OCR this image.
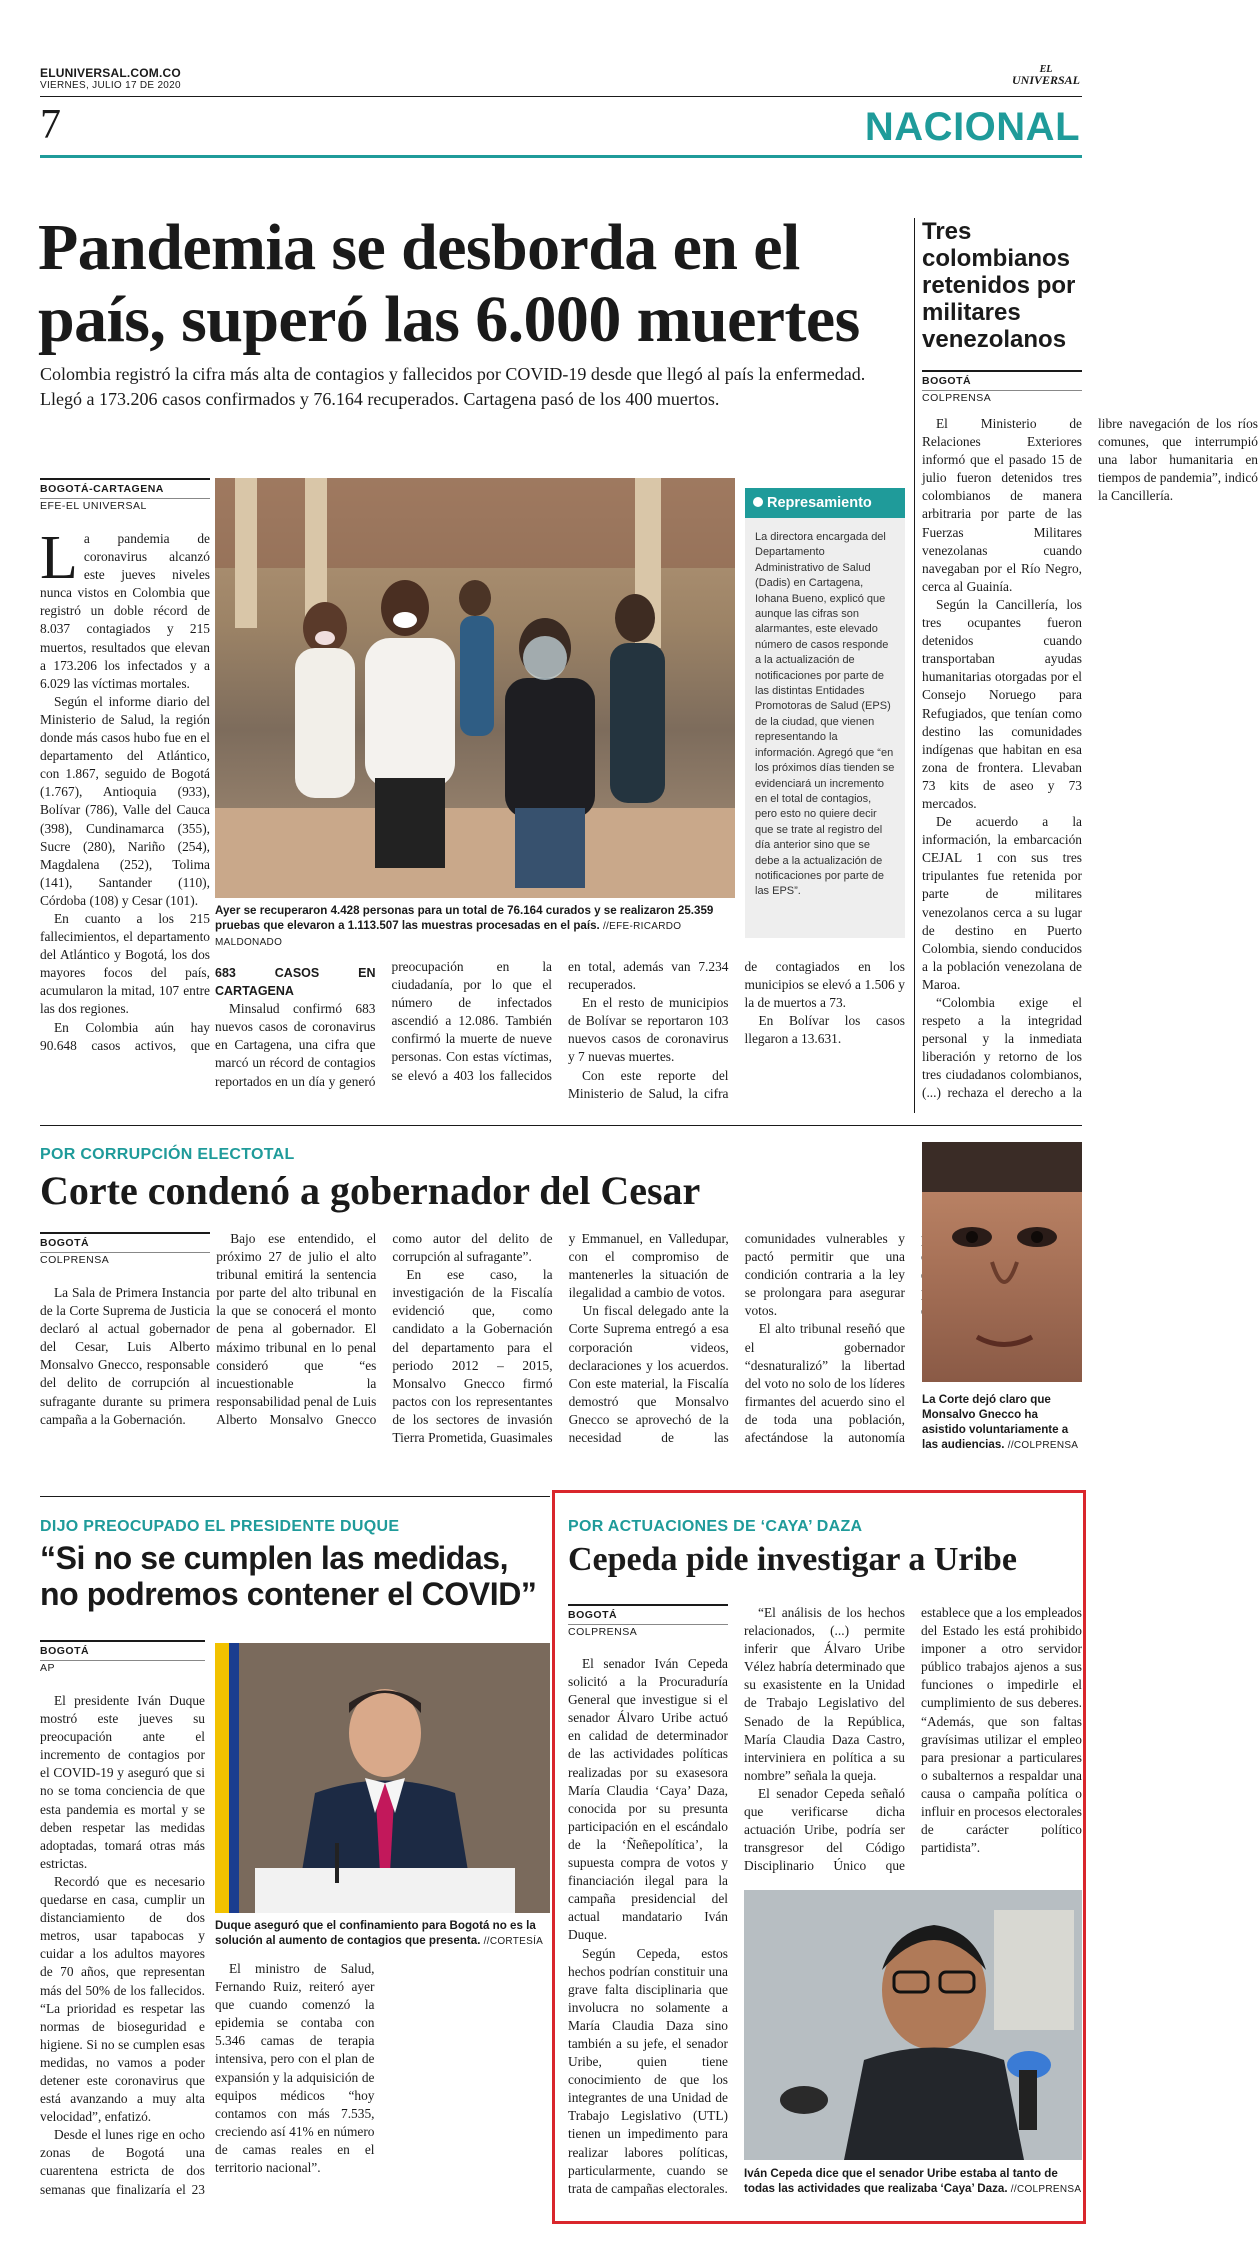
ELUNIVERSAL.COM.CO
VIERNES, JULIO 17 DE 2020
EL
UNIVERSAL
7	NACIONAL
Pandemia se desborda en el país, superó las 6.000 muertes

Colombia registró la cifra más alta de contagios y fallecidos por COVID-19 desde que llegó al país la enfermedad. Llegó a 173.206 casos confirmados y 76.164 recuperados. Cartagena pasó de los 400 muertos.

BOGOTÁ-CARTAGENA
EFE-EL UNIVERSAL

La pandemia de coronavirus alcanzó este jueves niveles nunca vistos en Colombia que registró un doble récord de 8.037 contagiados y 215 muertos, resultados que elevan a 173.206 los infectados y a 6.029 las víctimas mortales.

Según el informe diario del Ministerio de Salud, la región donde más casos hubo fue en el departamento del Atlántico, con 1.867, seguido de Bogotá (1.767), Antioquia (933), Bolívar (786), Valle del Cauca (398), Cundinamarca (355), Sucre (280), Nariño (254), Magdalena (252), Tolima (141), Santander (110), Córdoba (108) y Cesar (101).

En cuanto a los 215 fallecimientos, el departamento del Atlántico y Bogotá, los dos mayores focos del país, acumularon la mitad, 107 entre las dos regiones.

En Colombia aún hay 90.648 casos activos, que

Ayer se recuperaron 4.428 personas para un total de 76.164 curados y se realizaron 25.359 pruebas que elevaron a 1.113.507 las muestras procesadas en el país. //EFE-RICARDO MALDONADO
Represamiento

La directora encargada del Departamento Administrativo de Salud (Dadis) en Cartagena, Iohana Bueno, explicó que aunque las cifras son alarmantes, este elevado número de casos responde a la actualización de notificaciones por parte de las distintas Entidades Promotoras de Salud (EPS) de la ciudad, que vienen representando la información. Agregó que “en los próximos días tienden se evidenciará un incremento en el total de contagios, pero esto no quiere decir que se trate al registro del día anterior sino que se debe a la actualización de notificaciones por parte de las EPS”.

683 CASOS EN CARTAGENA

Minsalud confirmó 683 nuevos casos de coronavirus en Cartagena, una cifra que marcó un récord de contagios reportados en un día y generó preocupación en la ciudadanía, por lo que el número de infectados ascendió a 12.086. También confirmó la muerte de nueve personas. Con estas víctimas, se elevó a 403 los fallecidos en total, además van 7.234 recuperados.

En el resto de municipios de Bolívar se reportaron 103 nuevos casos de coronavirus y 7 nuevas muertes.

Con este reporte del Ministerio de Salud, la cifra de contagiados en los municipios se elevó a 1.506 y la de muertos a 73.

En Bolívar los casos llegaron a 13.631.

Tres colombianos retenidos por militares venezolanos
BOGOTÁ
COLPRENSA

El Ministerio de Relaciones Exteriores informó que el pasado 15 de julio fueron detenidos tres colombianos de manera arbitraria por parte de las Fuerzas Militares venezolanas cuando navegaban por el Río Negro, cerca al Guainía.

Según la Cancillería, los tres ocupantes fueron detenidos cuando transportaban ayudas humanitarias otorgadas por el Consejo Noruego para Refugiados, que tenían como destino las comunidades indígenas que habitan en esa zona de frontera. Llevaban 73 kits de aseo y 73 mercados.

De acuerdo a la información, la embarcación CEJAL 1 con sus tres tripulantes fue retenida por parte de militares venezolanos cerca a su lugar de destino en Puerto Colombia, siendo conducidos a la población venezolana de Maroa.

“Colombia exige el respeto a la integridad personal y la inmediata liberación y retorno de los tres ciudadanos colombianos, (...) rechaza el derecho a la libre navegación de los ríos comunes, que interrumpió una labor humanitaria en tiempos de pandemia”, indicó la Cancillería.

POR CORRUPCIÓN ELECTOTAL
Corte condenó a gobernador del Cesar
BOGOTÁ
COLPRENSA

La Sala de Primera Instancia de la Corte Suprema de Justicia declaró al actual gobernador del Cesar, Luis Alberto Monsalvo Gnecco, responsable del delito de corrupción al sufragante durante su primera campaña a la Gobernación.

Bajo ese entendido, el próximo 27 de julio el alto tribunal emitirá la sentencia por parte del alto tribunal en la que se conocerá el monto de pena al gobernador. El máximo tribunal en lo penal consideró que “es incuestionable la responsabilidad penal de Luis Alberto Monsalvo Gnecco como autor del delito de corrupción al sufragante”.

En ese caso, la investigación de la Fiscalía evidenció que, como candidato a la Gobernación del departamento para el periodo 2012 – 2015, Monsalvo Gnecco firmó pactos con los representantes de los sectores de invasión Tierra Prometida, Guasimales y Emmanuel, en Valledupar, con el compromiso de mantenerles la situación de ilegalidad a cambio de votos.

Un fiscal delegado ante la Corte Suprema entregó a esa corporación videos, declaraciones y los acuerdos. Con este material, la Fiscalía demostró que Monsalvo Gnecco se aprovechó de la necesidad de las comunidades vulnerables y pactó permitir que una condición contraria a la ley se prolongara para asegurar votos.

El alto tribunal reseñó que el gobernador “desnaturalizó” la libertad del voto no solo de los líderes firmantes del acuerdo sino el de toda una población, afectándose la autonomía

La Corte dejó claro que Monsalvo Gnecco ha asistido voluntariamente a las audiencias. //COLPRENSA
DIJO PREOCUPADO EL PRESIDENTE DUQUE
“Si no se cumplen las medidas, no podremos contener el COVID”
BOGOTÁ
AP

El presidente Iván Duque mostró este jueves su preocupación ante el incremento de contagios por el COVID-19 y aseguró que si no se toma conciencia de que esta pandemia es mortal y se deben respetar las medidas adoptadas, tomará otras más estrictas.

Recordó que es necesario quedarse en casa, cumplir un distanciamiento de dos metros, usar tapabocas y cuidar a los adultos mayores de 70 años, que representan más del 50% de los fallecidos. “La prioridad es respetar las normas de bioseguridad e higiene. Si no se cumplen esas medidas, no vamos a poder detener este coronavirus que está avanzando a muy alta velocidad”, enfatizó.

Desde el lunes rige en ocho zonas de Bogotá una cuarentena estricta de dos semanas que finalizaría el 23

Duque aseguró que el confinamiento para Bogotá no es la solución al aumento de contagios que presenta. //CORTESÍA

El ministro de Salud, Fernando Ruiz, reiteró ayer que cuando comenzó la epidemia se contaba con 5.346 camas de terapia intensiva, pero con el plan de expansión y la adquisición de equipos médicos “hoy contamos con más 7.535, creciendo así 41% en número de camas reales en el territorio nacional”.

POR ACTUACIONES DE ‘CAYA’ DAZA
Cepeda pide investigar a Uribe
BOGOTÁ
COLPRENSA

El senador Iván Cepeda solicitó a la Procuraduría General que investigue si el senador Álvaro Uribe actuó en calidad de determinador de las actividades políticas realizadas por su exasesora María Claudia ‘Caya’ Daza, conocida por su presunta participación en el escándalo de la ‘Ñeñepolítica’, la supuesta compra de votos y financiación ilegal para la campaña presidencial del actual mandatario Iván Duque.

Según Cepeda, estos hechos podrían constituir una grave falta disciplinaria que involucra no solamente a María Claudia Daza sino también a su jefe, el senador Uribe, quien tiene conocimiento de que los integrantes de una Unidad de Trabajo Legislativo (UTL) tienen un impedimento para realizar labores políticas, particularmente, cuando se trata de campañas electorales.

“El análisis de los hechos relacionados, (...) permite inferir que Álvaro Uribe Vélez habría determinado que su exasistente en la Unidad de Trabajo Legislativo del Senado de la República, María Claudia Daza Castro, interviniera en política a su nombre” señala la queja.

El senador Cepeda señaló que verificarse dicha actuación Uribe, podría ser transgresor del Código Disciplinario Único que establece que a los empleados del Estado les está prohibido imponer a otro servidor público trabajos ajenos a sus funciones o impedirle el cumplimiento de sus deberes. “Además, que son faltas gravísimas utilizar el empleo para presionar a particulares o subalternos a respaldar una causa o campaña política o influir en procesos electorales de carácter político partidista”.

Iván Cepeda dice que el senador Uribe estaba al tanto de todas las actividades que realizaba ‘Caya’ Daza. //COLPRENSA
